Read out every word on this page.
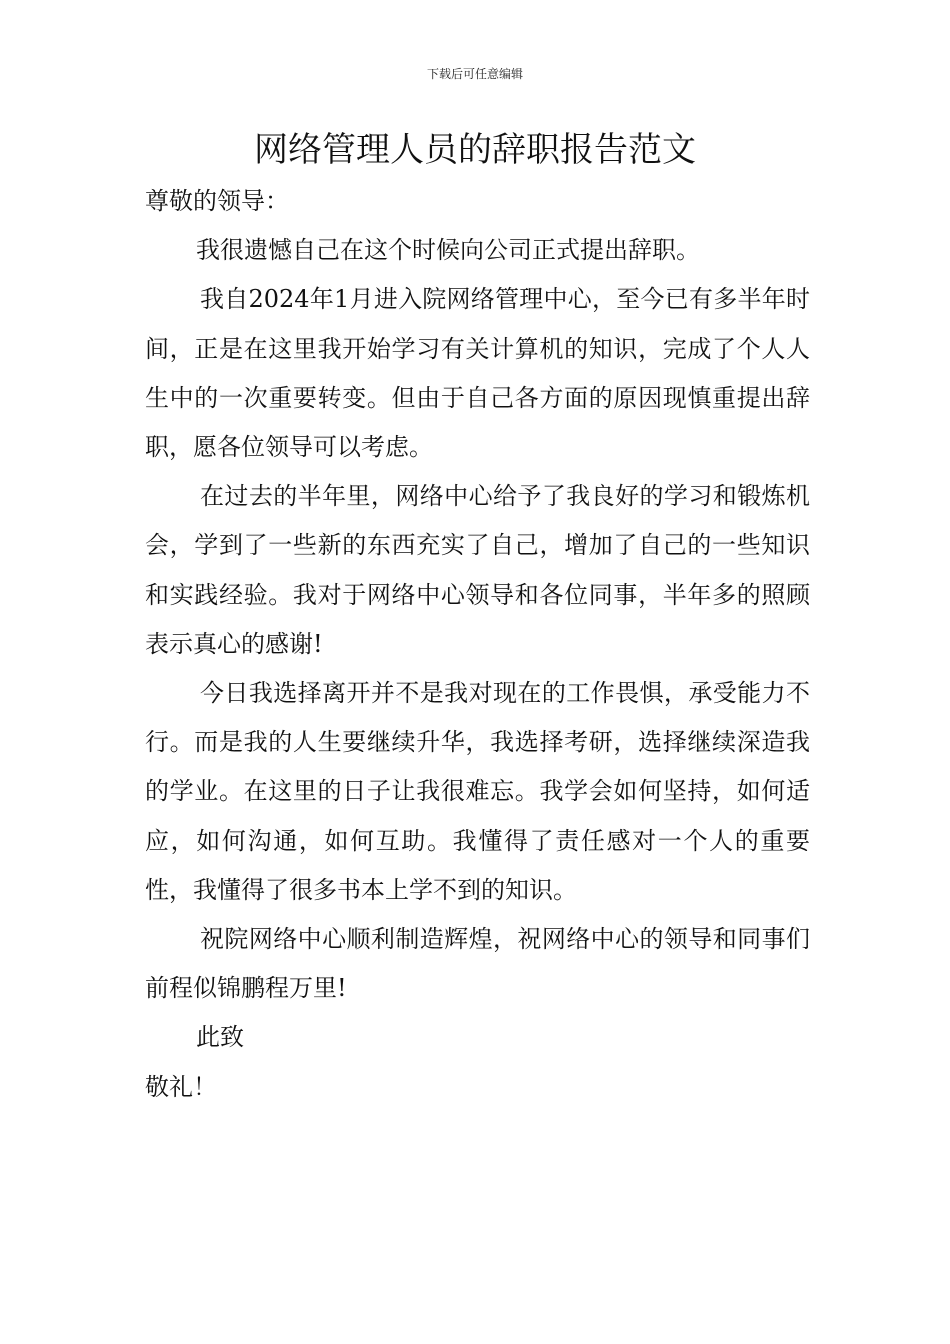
下载后可任意编辑
网络管理人员的辞职报告范文

尊敬的领导：

我很遗憾自己在这个时候向公司正式提出辞职。

我自2024年1月进入院网络管理中心，至今已有多半年时间，正是在这里我开始学习有关计算机的知识，完成了个人人生中的一次重要转变。但由于自己各方面的原因现慎重提出辞职，愿各位领导可以考虑。

在过去的半年里，网络中心给予了我良好的学习和锻炼机会，学到了一些新的东西充实了自己，增加了自己的一些知识和实践经验。我对于网络中心领导和各位同事，半年多的照顾表示真心的感谢!

今日我选择离开并不是我对现在的工作畏惧，承受能力不行。而是我的人生要继续升华，我选择考研，选择继续深造我的学业。在这里的日子让我很难忘。我学会如何坚持，如何适应，如何沟通，如何互助。我懂得了责任感对一个人的重要性，我懂得了很多书本上学不到的知识。

祝院网络中心顺利制造辉煌，祝网络中心的领导和同事们前程似锦鹏程万里!

此致

敬礼！
